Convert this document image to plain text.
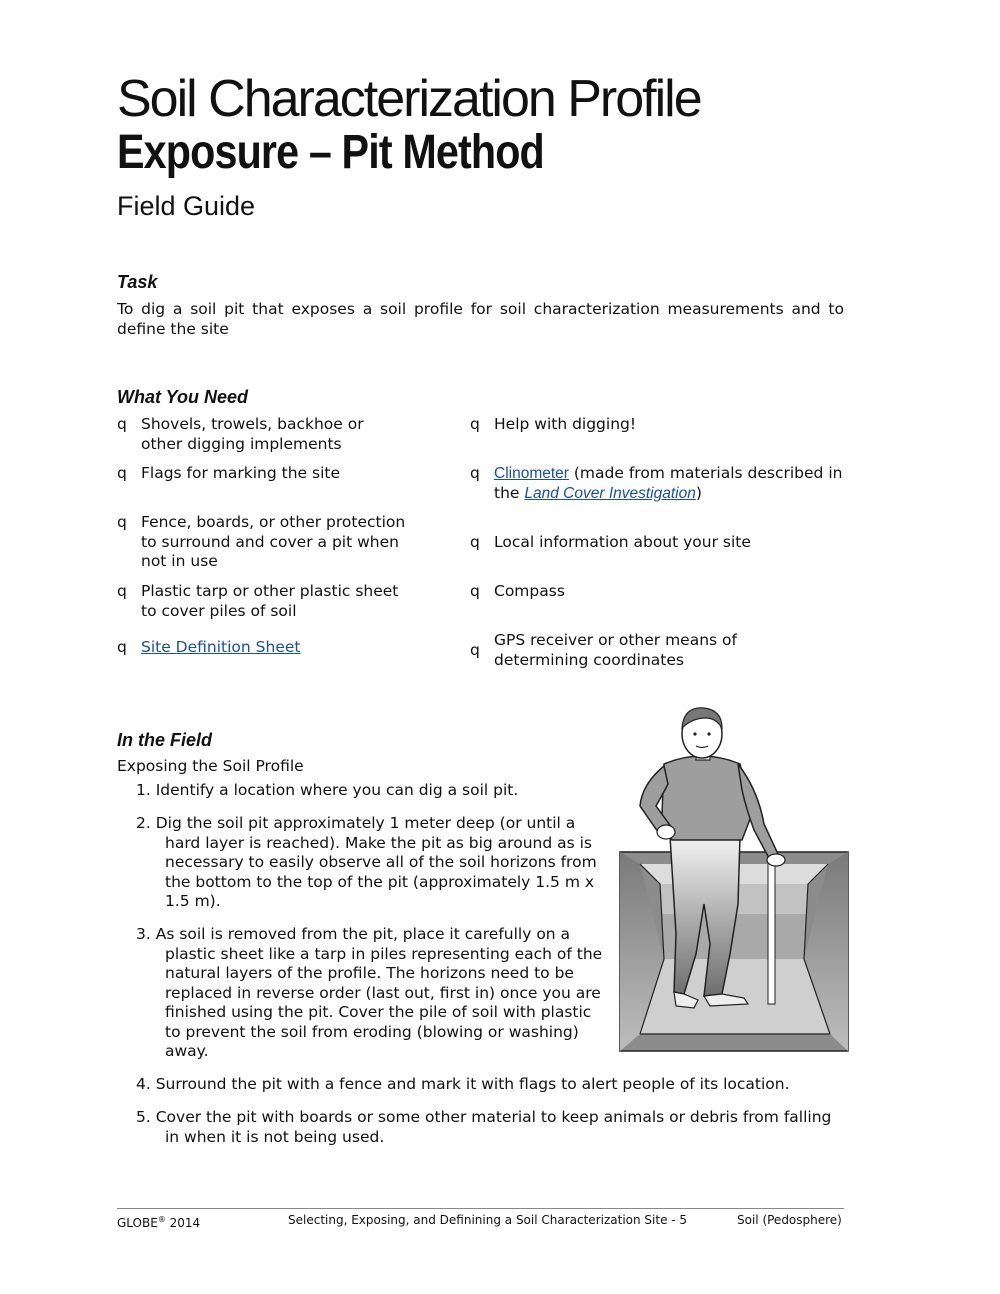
Soil Characterization Profile
Exposure – Pit Method
Field Guide
Task
To dig a soil pit that exposes a soil profile for soil characterization measurements and to define the site
What You Need
q Shovels, trowels, backhoe or other digging implements
q Flags for marking the site
q Fence, boards, or other protection to surround and cover a pit when not in use
q Plastic tarp or other plastic sheet to cover piles of soil
q Site Definition Sheet
q Help with digging!
q Clinometer (made from materials described in the Land Cover Investigation)
q Local information about your site
q Compass
q
GPS receiver or other means of determining coordinates
In the Field
Exposing the Soil Profile
1. Identify a location where you can dig a soil pit.
2. Dig the soil pit approximately 1 meter deep (or until a hard layer is reached). Make the pit as big around as is necessary to easily observe all of the soil horizons from the bottom to the top of the pit (approximately 1.5 m x 1.5 m).
3. As soil is removed from the pit, place it carefully on a plastic sheet like a tarp in piles representing each of the natural layers of the profile. The horizons need to be replaced in reverse order (last out, first in) once you are finished using the pit. Cover the pile of soil with plastic to prevent the soil from eroding (blowing or washing) away.
4. Surround the pit with a fence and mark it with flags to alert people of its location.
5. Cover the pit with boards or some other material to keep animals or debris from falling in when it is not being used.
GLOBE® 2014	Selecting, Exposing, and Definining a Soil Characterization Site - 5	Soil (Pedosphere)
